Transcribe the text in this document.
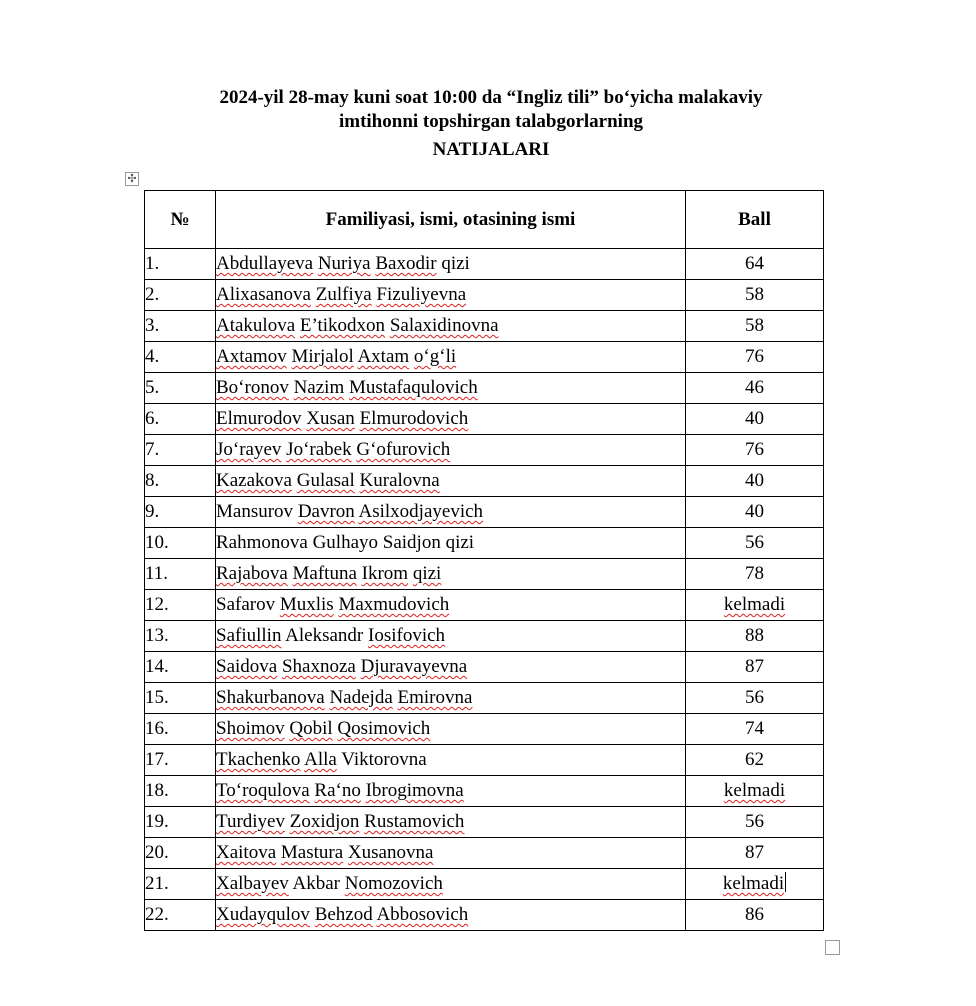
2024-yil 28-may kuni soat 10:00 da “Ingliz tili” bo‘yicha malakaviy
imtihonni topshirgan talabgorlarning
NATIJALARI
✣
№	Familiyasi, ismi, otasining ismi	Ball
1.	Abdullayeva Nuriya Baxodir qizi	64
2.	Alixasanova Zulfiya Fizuliyevna	58
3.	Atakulova E’tikodxon Salaxidinovna	58
4.	Axtamov Mirjalol Axtam o‘g‘li	76
5.	Bo‘ronov Nazim Mustafaqulovich	46
6.	Elmurodov Xusan Elmurodovich	40
7.	Jo‘rayev Jo‘rabek G‘ofurovich	76
8.	Kazakova Gulasal Kuralovna	40
9.	Mansurov Davron Asilxodjayevich	40
10.	Rahmonova Gulhayo Saidjon qizi	56
11.	Rajabova Maftuna Ikrom qizi	78
12.	Safarov Muxlis Maxmudovich	kelmadi
13.	Safiullin Aleksandr Iosifovich	88
14.	Saidova Shaxnoza Djuravayevna	87
15.	Shakurbanova Nadejda Emirovna	56
16.	Shoimov Qobil Qosimovich	74
17.	Tkachenko Alla Viktorovna	62
18.	To‘roqulova Ra‘no Ibrogimovna	kelmadi
19.	Turdiyev Zoxidjon Rustamovich	56
20.	Xaitova Mastura Xusanovna	87
21.	Xalbayev Akbar Nomozovich	kelmadi
22.	Xudayqulov Behzod Abbosovich	86
